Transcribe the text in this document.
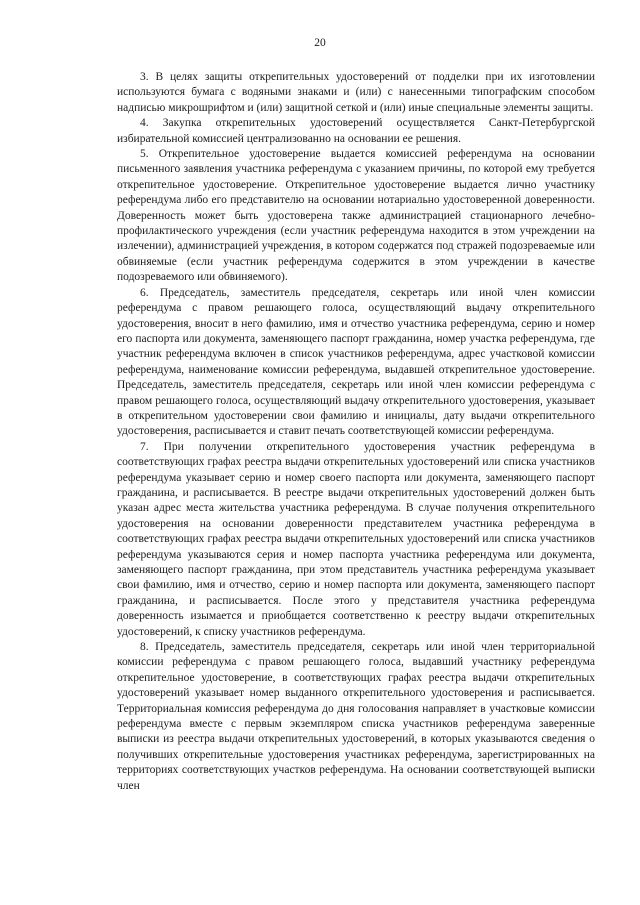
20

3. В целях защиты открепительных удостоверений от подделки при их изготовлении используются бумага с водяными знаками и (или) с нанесенными типографским способом надписью микрошрифтом и (или) защитной сеткой и (или) иные специальные элементы защиты.

4. Закупка открепительных удостоверений осуществляется Санкт-Петербургской избирательной комиссией централизованно на основании ее решения.

5. Открепительное удостоверение выдается комиссией референдума на основании письменного заявления участника референдума с указанием причины, по которой ему требуется открепительное удостоверение. Открепительное удостоверение выдается лично участнику референдума либо его представителю на основании нотариально удостоверенной доверенности. Доверенность может быть удостоверена также администрацией стационарного лечебно-профилактического учреждения (если участник референдума находится в этом учреждении на излечении), администрацией учреждения, в котором содержатся под стражей подозреваемые или обвиняемые (если участник референдума содержится в этом учреждении в качестве подозреваемого или обвиняемого).

6. Председатель, заместитель председателя, секретарь или иной член комиссии референдума с правом решающего голоса, осуществляющий выдачу открепительного удостоверения, вносит в него фамилию, имя и отчество участника референдума, серию и номер его паспорта или документа, заменяющего паспорт гражданина, номер участка референдума, где участник референдума включен в список участников референдума, адрес участковой комиссии референдума, наименование комиссии референдума, выдавшей открепительное удостоверение. Председатель, заместитель председателя, секретарь или иной член комиссии референдума с правом решающего голоса, осуществляющий выдачу открепительного удостоверения, указывает в открепительном удостоверении свои фамилию и инициалы, дату выдачи открепительного удостоверения, расписывается и ставит печать соответствующей комиссии референдума.

7. При получении открепительного удостоверения участник референдума в соответствующих графах реестра выдачи открепительных удостоверений или списка участников референдума указывает серию и номер своего паспорта или документа, заменяющего паспорт гражданина, и расписывается. В реестре выдачи открепительных удостоверений должен быть указан адрес места жительства участника референдума. В случае получения открепительного удостоверения на основании доверенности представителем участника референдума в соответствующих графах реестра выдачи открепительных удостоверений или списка участников референдума указываются серия и номер паспорта участника референдума или документа, заменяющего паспорт гражданина, при этом представитель участника референдума указывает свои фамилию, имя и отчество, серию и номер паспорта или документа, заменяющего паспорт гражданина, и расписывается. После этого у представителя участника референдума доверенность изымается и приобщается соответственно к реестру выдачи открепительных удостоверений, к списку участников референдума.

8. Председатель, заместитель председателя, секретарь или иной член территориальной комиссии референдума с правом решающего голоса, выдавший участнику референдума открепительное удостоверение, в соответствующих графах реестра выдачи открепительных удостоверений указывает номер выданного открепительного удостоверения и расписывается. Территориальная комиссия референдума до дня голосования направляет в участковые комиссии референдума вместе с первым экземпляром списка участников референдума заверенные выписки из реестра выдачи открепительных удостоверений, в которых указываются сведения о получивших открепительные удостоверения участниках референдума, зарегистрированных на территориях соответствующих участков референдума. На основании соответствующей выписки член
